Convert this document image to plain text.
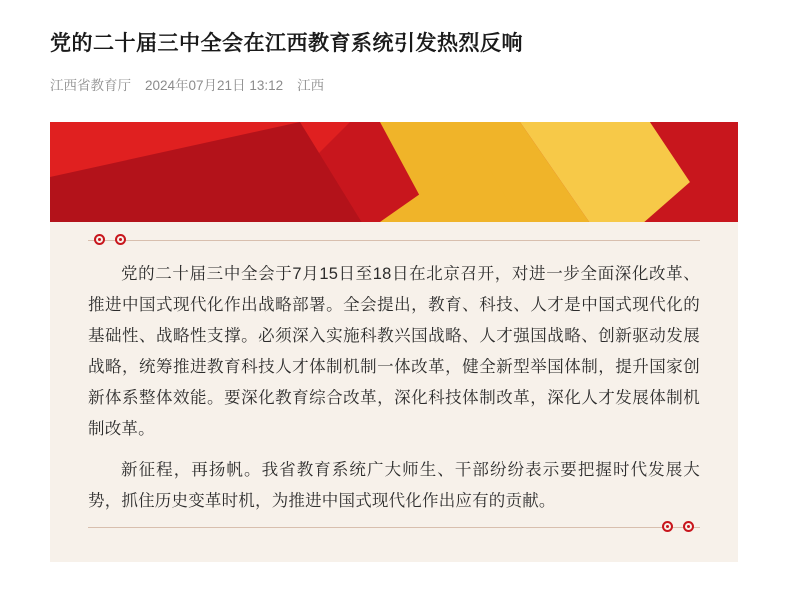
党的二十届三中全会在江西教育系统引发热烈反响
江西省教育厅 2024年07月21日 13:12 江西

党的二十届三中全会于7月15日至18日在北京召开，对进一步全面深化改革、推进中国式现代化作出战略部署。全会提出，教育、科技、人才是中国式现代化的基础性、战略性支撑。必须深入实施科教兴国战略、人才强国战略、创新驱动发展战略，统筹推进教育科技人才体制机制一体改革，健全新型举国体制，提升国家创新体系整体效能。要深化教育综合改革，深化科技体制改革，深化人才发展体制机制改革。

新征程，再扬帆。我省教育系统广大师生、干部纷纷表示要把握时代发展大势，抓住历史变革时机，为推进中国式现代化作出应有的贡献。
